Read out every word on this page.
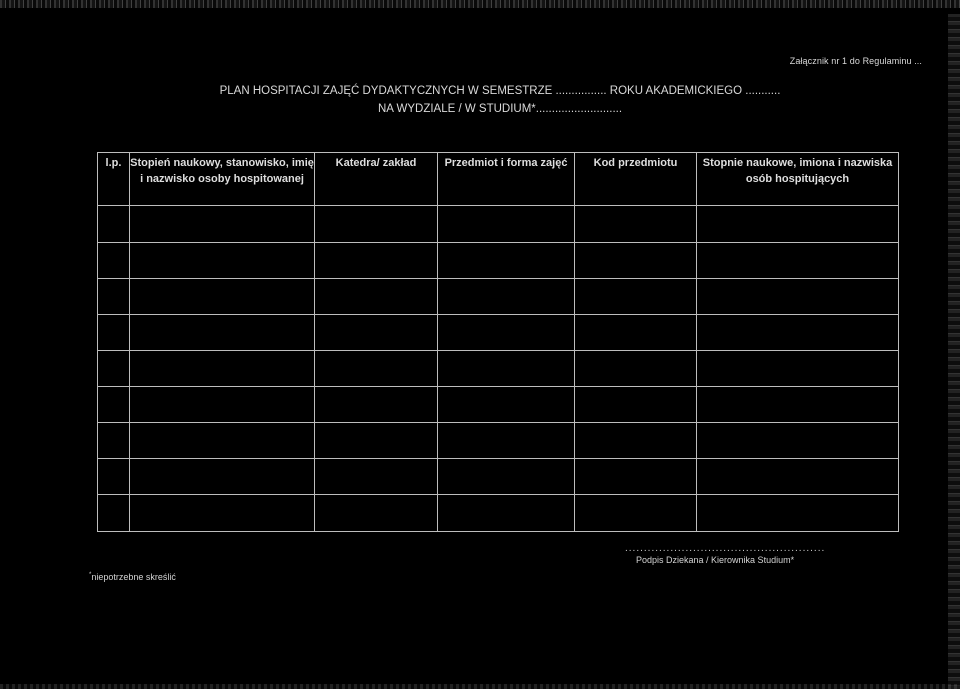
Załącznik nr 1 do Regulaminu ...
PLAN HOSPITACJI ZAJĘĆ DYDAKTYCZNYCH W SEMESTRZE ................ ROKU AKADEMICKIEGO ...........
NA WYDZIALE / W STUDIUM*...........................
l.p.	Stopień naukowy, stanowisko, imię i nazwisko osoby hospitowanej	Katedra/ zakład	Przedmiot i forma zajęć	Kod przedmiotu	Stopnie naukowe, imiona i nazwiska osób hospitujących

.....................................................
Podpis Dziekana / Kierownika Studium*
*niepotrzebne skreślić
